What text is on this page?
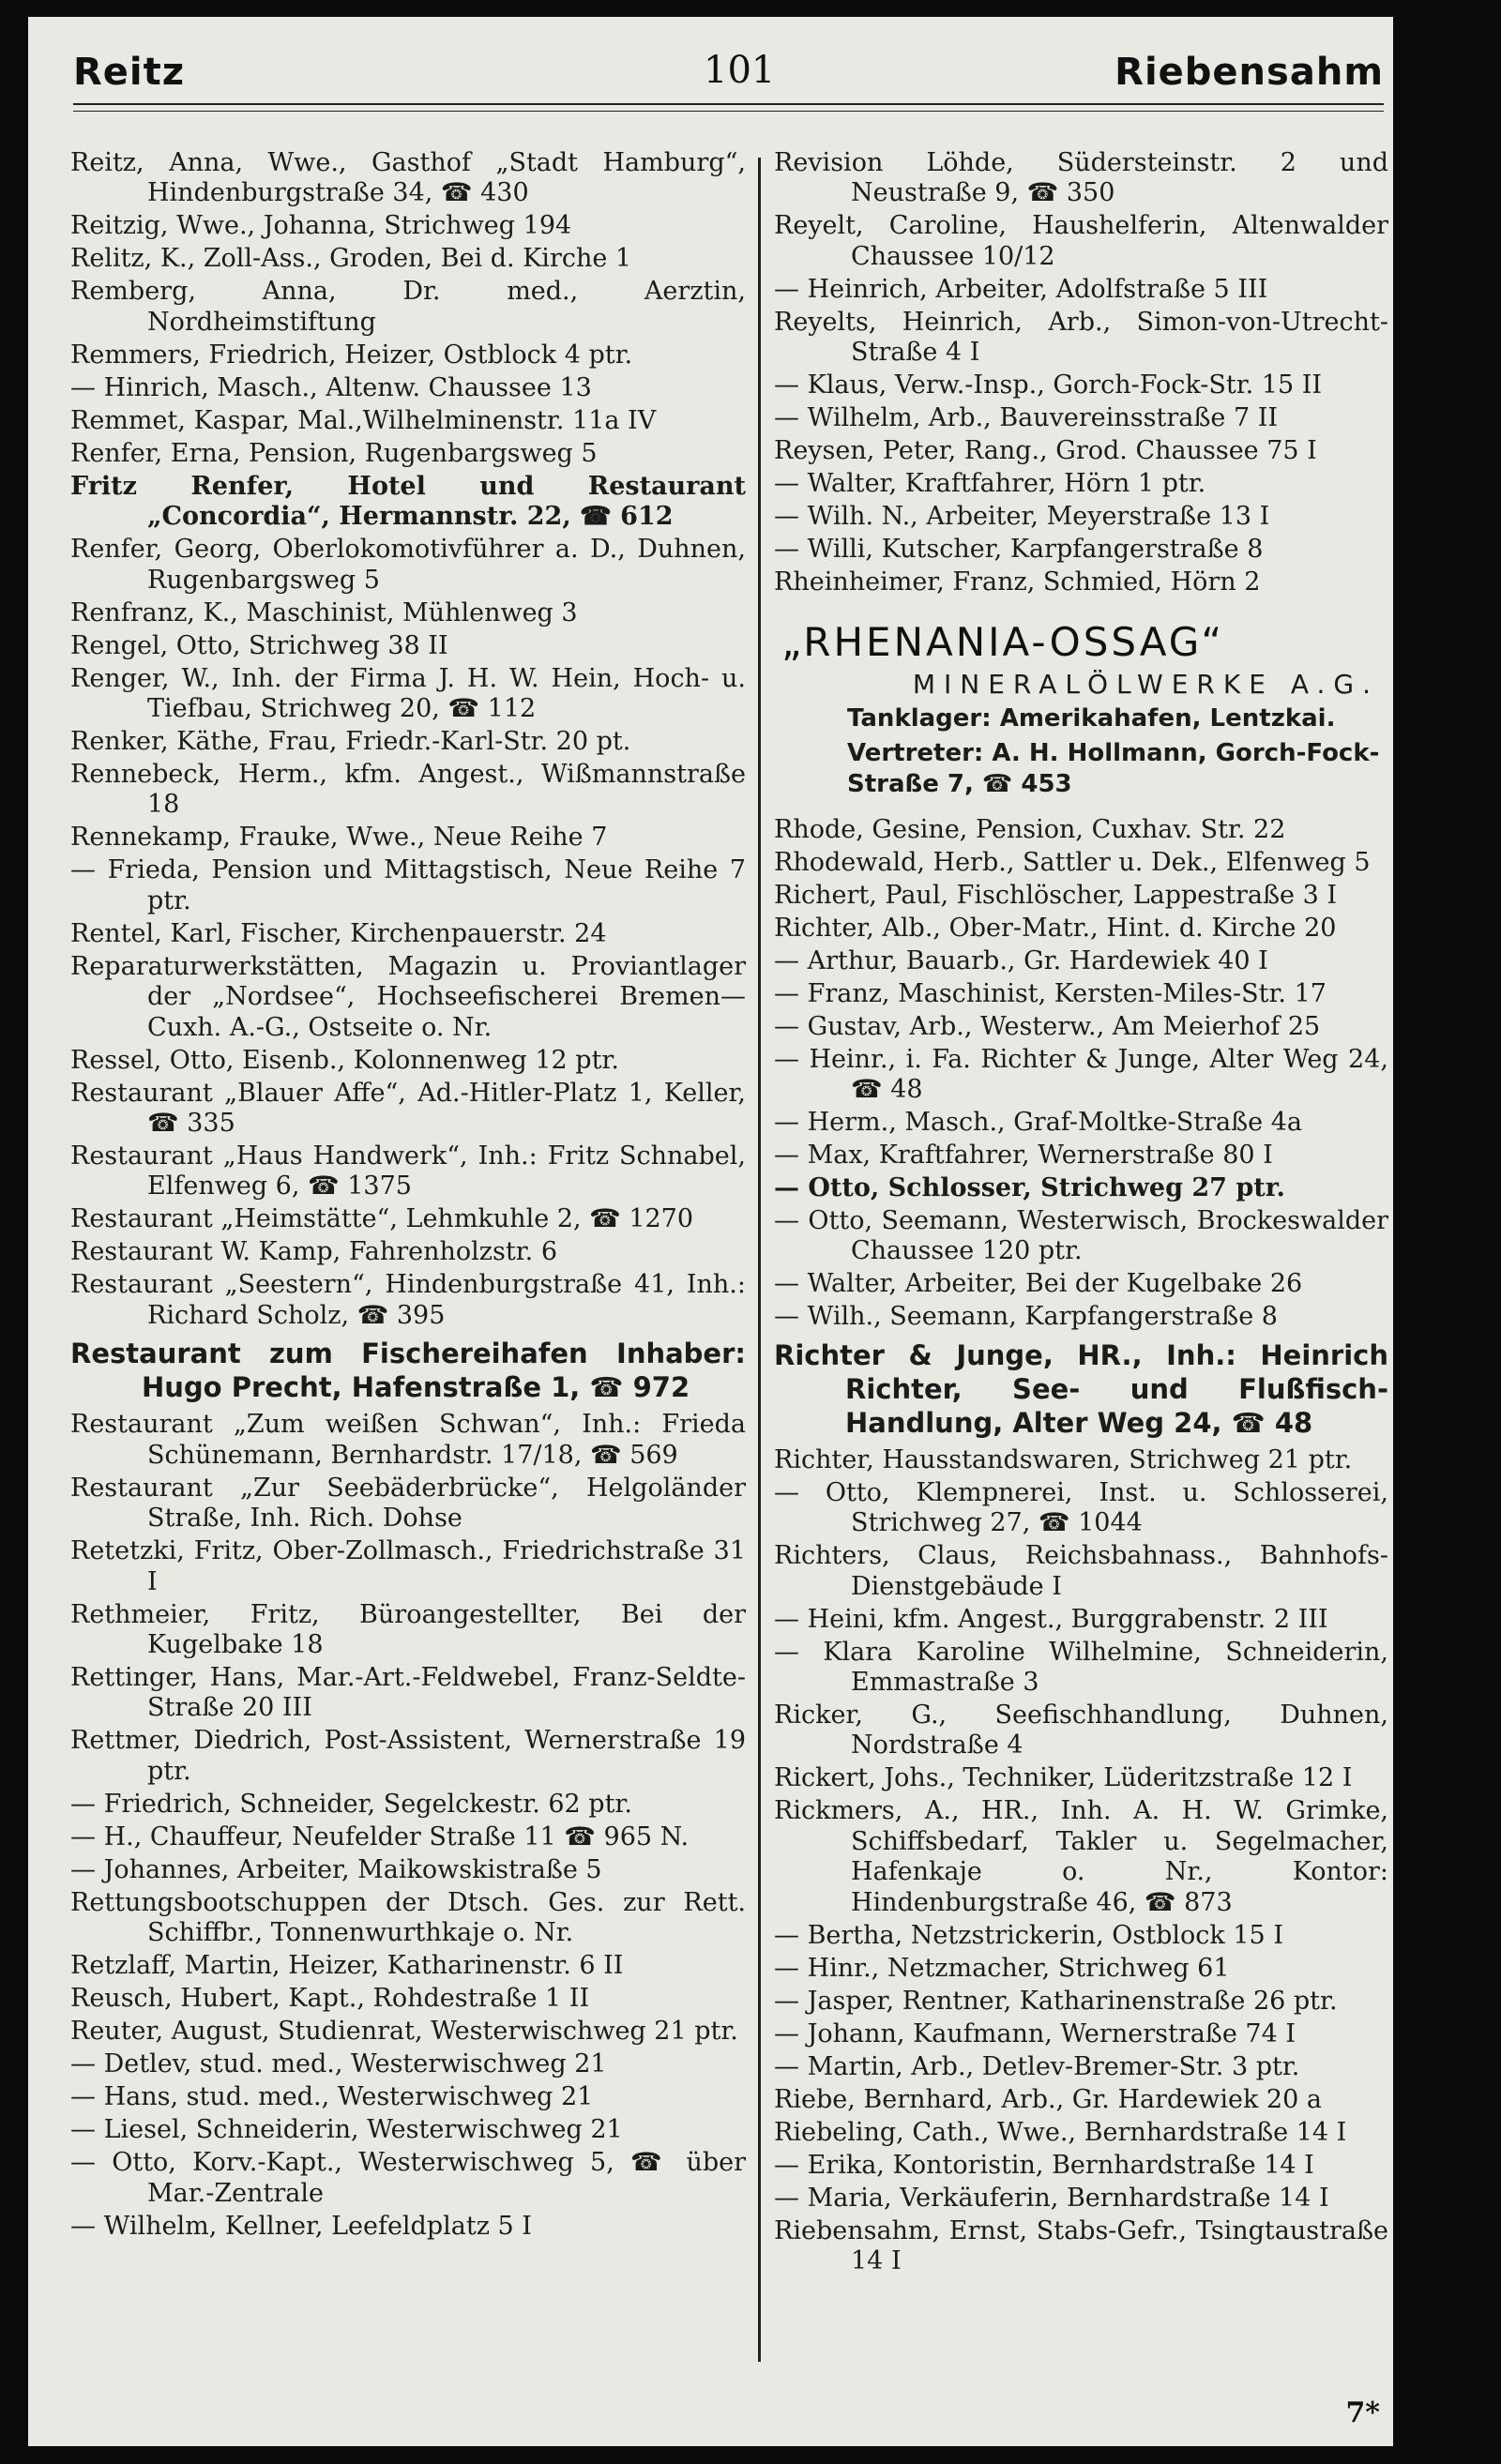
Reitz	101	Riebensahm
Reitz, Anna, Wwe., Gasthof „Stadt Hamburg“, Hindenburgstraße 34, ☎ 430
Reitzig, Wwe., Johanna, Strichweg 194
Relitz, K., Zoll-Ass., Groden, Bei d. Kirche 1
Remberg, Anna, Dr. med., Aerztin, Nordheimstiftung
Remmers, Friedrich, Heizer, Ostblock 4 ptr.
— Hinrich, Masch., Altenw. Chaussee 13
Remmet, Kaspar, Mal.,Wilhelminenstr. 11a IV
Renfer, Erna, Pension, Rugenbargsweg 5
Fritz Renfer, Hotel und Restaurant „Concordia“, Hermannstr. 22, ☎ 612
Renfer, Georg, Oberlokomotivführer a. D., Duhnen, Rugenbargsweg 5
Renfranz, K., Maschinist, Mühlenweg 3
Rengel, Otto, Strichweg 38 II
Renger, W., Inh. der Firma J. H. W. Hein, Hoch- u. Tiefbau, Strichweg 20, ☎ 112
Renker, Käthe, Frau, Friedr.-Karl-Str. 20 pt.
Rennebeck, Herm., kfm. Angest., Wißmannstraße 18
Rennekamp, Frauke, Wwe., Neue Reihe 7
— Frieda, Pension und Mittagstisch, Neue Reihe 7 ptr.
Rentel, Karl, Fischer, Kirchenpauerstr. 24
Reparaturwerkstätten, Magazin u. Proviantlager der „Nordsee“, Hochseefischerei Bremen—Cuxh. A.-G., Ostseite o. Nr.
Ressel, Otto, Eisenb., Kolonnenweg 12 ptr.
Restaurant „Blauer Affe“, Ad.-Hitler-Platz 1, Keller, ☎ 335
Restaurant „Haus Handwerk“, Inh.: Fritz Schnabel, Elfenweg 6, ☎ 1375
Restaurant „Heimstätte“, Lehmkuhle 2, ☎ 1270
Restaurant W. Kamp, Fahrenholzstr. 6
Restaurant „Seestern“, Hindenburgstraße 41, Inh.: Richard Scholz, ☎ 395
Restaurant zum Fischereihafen Inhaber: Hugo Precht, Hafenstraße 1, ☎ 972
Restaurant „Zum weißen Schwan“, Inh.: Frieda Schünemann, Bernhardstr. 17/18, ☎ 569
Restaurant „Zur Seebäderbrücke“, Helgoländer Straße, Inh. Rich. Dohse
Retetzki, Fritz, Ober-Zollmasch., Friedrichstraße 31 I
Rethmeier, Fritz, Büroangestellter, Bei der Kugelbake 18
Rettinger, Hans, Mar.-Art.-Feldwebel, Franz-Seldte-Straße 20 III
Rettmer, Diedrich, Post-Assistent, Wernerstraße 19 ptr.
— Friedrich, Schneider, Segelckestr. 62 ptr.
— H., Chauffeur, Neufelder Straße 11 ☎ 965 N.
— Johannes, Arbeiter, Maikowskistraße 5
Rettungsbootschuppen der Dtsch. Ges. zur Rett. Schiffbr., Tonnenwurthkaje o. Nr.
Retzlaff, Martin, Heizer, Katharinenstr. 6 II
Reusch, Hubert, Kapt., Rohdestraße 1 II
Reuter, August, Studienrat, Westerwischweg 21 ptr.
— Detlev, stud. med., Westerwischweg 21
— Hans, stud. med., Westerwischweg 21
— Liesel, Schneiderin, Westerwischweg 21
— Otto, Korv.-Kapt., Westerwischweg 5, ☎ über Mar.-Zentrale
— Wilhelm, Kellner, Leefeldplatz 5 I
Revision Löhde, Südersteinstr. 2 und Neustraße 9, ☎ 350
Reyelt, Caroline, Haushelferin, Altenwalder Chaussee 10/12
— Heinrich, Arbeiter, Adolfstraße 5 III
Reyelts, Heinrich, Arb., Simon-von-Utrecht-Straße 4 I
— Klaus, Verw.-Insp., Gorch-Fock-Str. 15 II
— Wilhelm, Arb., Bauvereinsstraße 7 II
Reysen, Peter, Rang., Grod. Chaussee 75 I
— Walter, Kraftfahrer, Hörn 1 ptr.
— Wilh. N., Arbeiter, Meyerstraße 13 I
— Willi, Kutscher, Karpfangerstraße 8
Rheinheimer, Franz, Schmied, Hörn 2
„RHENANIA-OSSAG“
MINERALÖLWERKE A.G.
Tanklager: Amerikahafen, Lentzkai.
Vertreter: A. H. Hollmann, Gorch-Fock-Straße 7, ☎ 453
Rhode, Gesine, Pension, Cuxhav. Str. 22
Rhodewald, Herb., Sattler u. Dek., Elfenweg 5
Richert, Paul, Fischlöscher, Lappestraße 3 I
Richter, Alb., Ober-Matr., Hint. d. Kirche 20
— Arthur, Bauarb., Gr. Hardewiek 40 I
— Franz, Maschinist, Kersten-Miles-Str. 17
— Gustav, Arb., Westerw., Am Meierhof 25
— Heinr., i. Fa. Richter & Junge, Alter Weg 24, ☎ 48
— Herm., Masch., Graf-Moltke-Straße 4a
— Max, Kraftfahrer, Wernerstraße 80 I
— Otto, Schlosser, Strichweg 27 ptr.
— Otto, Seemann, Westerwisch, Brockeswalder Chaussee 120 ptr.
— Walter, Arbeiter, Bei der Kugelbake 26
— Wilh., Seemann, Karpfangerstraße 8
Richter & Junge, HR., Inh.: Heinrich Richter, See- und Flußfisch-Handlung, Alter Weg 24, ☎ 48
Richter, Hausstandswaren, Strichweg 21 ptr.
— Otto, Klempnerei, Inst. u. Schlosserei, Strichweg 27, ☎ 1044
Richters, Claus, Reichsbahnass., Bahnhofs-Dienstgebäude I
— Heini, kfm. Angest., Burggrabenstr. 2 III
— Klara Karoline Wilhelmine, Schneiderin, Emmastraße 3
Ricker, G., Seefischhandlung, Duhnen, Nordstraße 4
Rickert, Johs., Techniker, Lüderitzstraße 12 I
Rickmers, A., HR., Inh. A. H. W. Grimke, Schiffsbedarf, Takler u. Segelmacher, Hafenkaje o. Nr., Kontor: Hindenburgstraße 46, ☎ 873
— Bertha, Netzstrickerin, Ostblock 15 I
— Hinr., Netzmacher, Strichweg 61
— Jasper, Rentner, Katharinenstraße 26 ptr.
— Johann, Kaufmann, Wernerstraße 74 I
— Martin, Arb., Detlev-Bremer-Str. 3 ptr.
Riebe, Bernhard, Arb., Gr. Hardewiek 20 a
Riebeling, Cath., Wwe., Bernhardstraße 14 I
— Erika, Kontoristin, Bernhardstraße 14 I
— Maria, Verkäuferin, Bernhardstraße 14 I
Riebensahm, Ernst, Stabs-Gefr., Tsingtaustraße 14 I
7*
